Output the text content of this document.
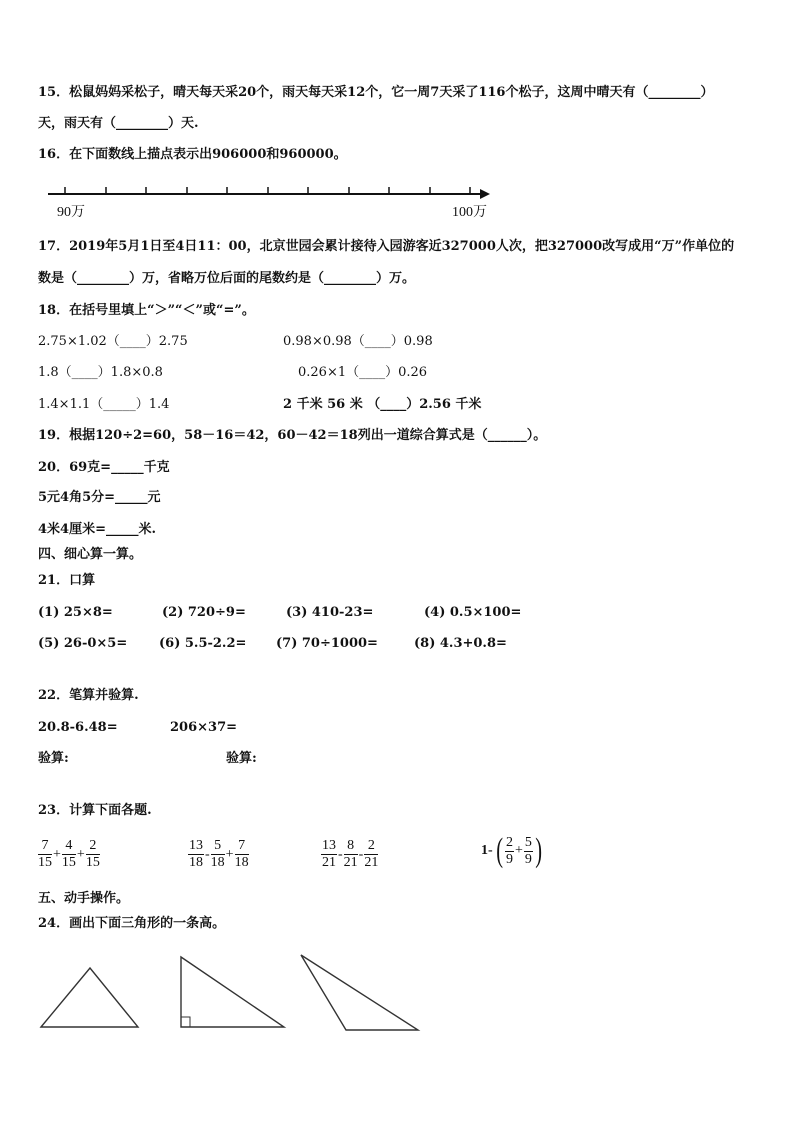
15．松鼠妈妈采松子，晴天每天采20个，雨天每天采12个，它一周7天采了116个松子，这周中晴天有（________）
天，雨天有（________）天.
16．在下面数线上描点表示出906000和960000。
90万	100万
17．2019年5月1日至4日11：00，北京世园会累计接待入园游客近327000人次，把327000改写成用“万”作单位的
数是（________）万，省略万位后面的尾数约是（________）万。
18．在括号里填上“＞”“＜”或“=”。
2.75×1.02（____）2.75	0.98×0.98（____）0.98
1.8（____）1.8×0.8	0.26×1（____）0.26
1.4×1.1（_____）1.4	2 千米 56 米 （____）2.56 千米
19．根据120÷2=60，58－16＝42，60－42＝18列出一道综合算式是（______）。
20．69克=_____千克
5元4角5分=_____元
4米4厘米=_____米.
四、细心算一算。
21．口算
(1) 25×8=	(2) 720÷9=	(3) 410-23=	(4) 0.5×100=
(5) 26-0×5= (6) 5.5-2.2= (7) 70÷1000=	(8) 4.3+0.8=
22．笔算并验算.
20.8-6.48=	206×37=
验算:	验算:
23．计算下面各题.
$\frac{7}{15} + \frac{4}{15} + \frac{2}{15}$	$\frac{13}{18} - \frac{5}{18} + \frac{7}{18}$	$\frac{13}{21} - \frac{8}{21} - \frac{2}{21}$	$1-( \frac{2}{9} + \frac{5}{9}$ )
五、动手操作。
24．画出下面三角形的一条高。
